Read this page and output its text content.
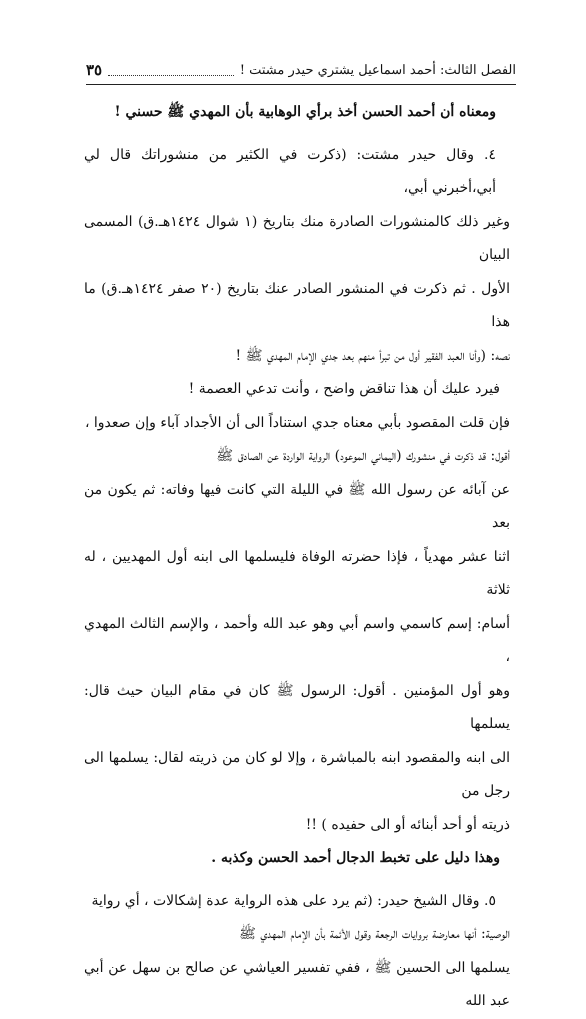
الفصل الثالث: أحمد اسماعيل يشتري حيدر مشتت !
٣٥

ومعناه أن أحمد الحسن أخذ برأي الوهابية بأن المهدي ﷺ حسني !

٤. وقال حيدر مشتت: (ذكرت في الكثير من منشوراتك قال لي أبي،أخبرني أبي،

وغير ذلك كالمنشورات الصادرة منك بتاريخ (١ شوال ١٤٢٤هـ.ق) المسمى البيان

الأول . ثم ذكرت في المنشور الصادر عنك بتاريخ (٢٠ صفر ١٤٢٤هـ.ق) ما هذا

نصه: (وأنا العبد الفقير أول من تبرأ منهم بعد جدي الإمام المهدي ﷺ !

فيرد عليك أن هذا تناقض واضح ، وأنت تدعي العصمة !

فإن قلت المقصود بأبي معناه جدي استناداً الى أن الأجداد آباء وإن صعدوا ،

أقول: قد ذكرت في منشورك (اليماني الموعود) الرواية الواردة عن الصادق ﷺ

عن آبائه عن رسول الله ﷺ في الليلة التي كانت فيها وفاته: ثم يكون من بعد

اثنا عشر مهدياً ، فإذا حضرته الوفاة فليسلمها الى ابنه أول المهديين ، له ثلاثة

أسام: إسم كاسمي واسم أبي وهو عبد الله وأحمد ، والإسم الثالث المهدي ،

وهو أول المؤمنين . أقول: الرسول ﷺ كان في مقام البيان حيث قال: يسلمها

الى ابنه والمقصود ابنه بالمباشرة ، وإلا لو كان من ذريته لقال: يسلمها الى رجل من

ذريته أو أحد أبنائه أو الى حفيده ) !!

وهذا دليل على تخبط الدجال أحمد الحسن وكذبه .

٥. وقال الشيخ حيدر: (ثم يرد على هذه الرواية عدة إشكالات ، أي رواية

الوصية: أنها معارضة بروايات الرجعة وقول الأئمة بأن الإمام المهدي ﷺ

يسلمها الى الحسين ﷺ ، ففي تفسير العياشي عن صالح بن سهل عن أبي عبد الله
